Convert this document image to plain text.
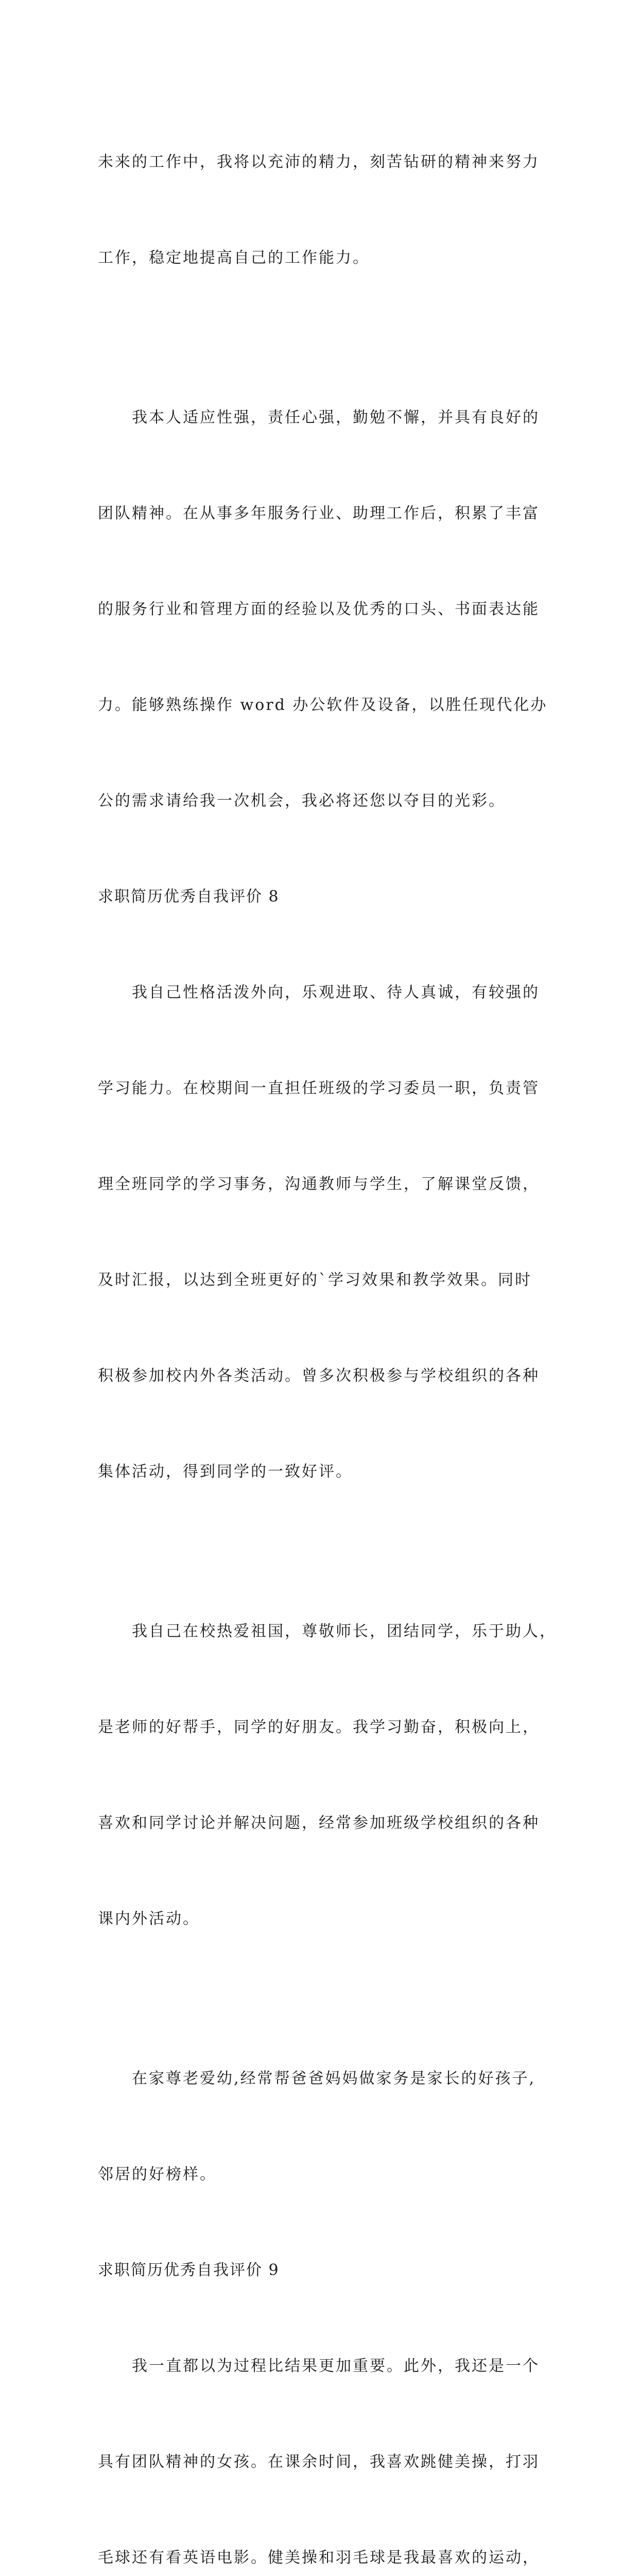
未来的工作中，我将以充沛的精力，刻苦钻研的精神来努力

工作，稳定地提高自己的工作能力。

我本人适应性强，责任心强，勤勉不懈，并具有良好的

团队精神。在从事多年服务行业、助理工作后，积累了丰富

的服务行业和管理方面的经验以及优秀的口头、书面表达能

力。能够熟练操作 word 办公软件及设备，以胜任现代化办

公的需求请给我一次机会，我必将还您以夺目的光彩。

求职简历优秀自我评价 8

我自己性格活泼外向，乐观进取、待人真诚，有较强的

学习能力。在校期间一直担任班级的学习委员一职，负责管

理全班同学的学习事务，沟通教师与学生，了解课堂反馈，

及时汇报，以达到全班更好的`学习效果和教学效果。同时

积极参加校内外各类活动。曾多次积极参与学校组织的各种

集体活动，得到同学的一致好评。

我自己在校热爱祖国，尊敬师长，团结同学，乐于助人，

是老师的好帮手，同学的好朋友。我学习勤奋，积极向上，

喜欢和同学讨论并解决问题，经常参加班级学校组织的各种

课内外活动。

在家尊老爱幼,经常帮爸爸妈妈做家务是家长的好孩子,

邻居的好榜样。

求职简历优秀自我评价 9

我一直都以为过程比结果更加重要。此外，我还是一个

具有团队精神的女孩。在课余时间，我喜欢跳健美操，打羽

毛球还有看英语电影。健美操和羽毛球是我最喜欢的运动，
